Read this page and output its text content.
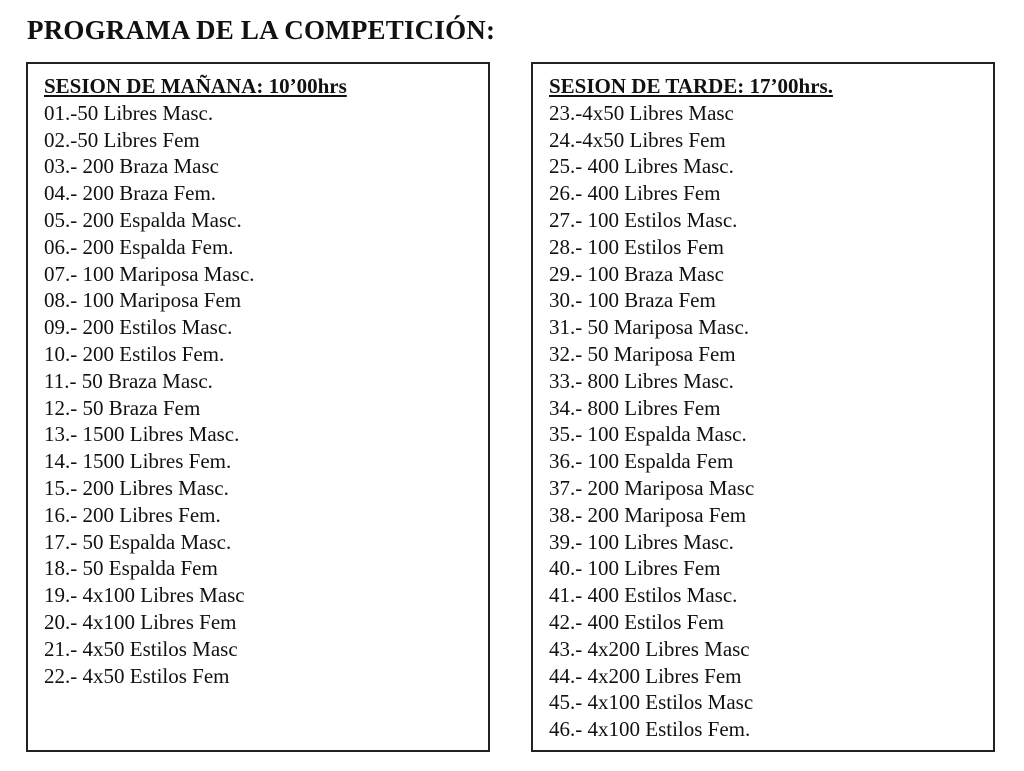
PROGRAMA DE LA COMPETICIÓN:
SESION DE MAÑANA: 10’00hrs
01.-50 Libres Masc.
02.-50 Libres Fem
03.- 200 Braza Masc
04.- 200 Braza Fem.
05.- 200 Espalda Masc.
06.- 200 Espalda Fem.
07.- 100 Mariposa Masc.
08.- 100 Mariposa Fem
09.- 200 Estilos Masc.
10.- 200 Estilos Fem.
11.- 50 Braza Masc.
12.- 50 Braza Fem
13.- 1500 Libres Masc.
14.- 1500 Libres Fem.
15.- 200 Libres Masc.
16.- 200 Libres Fem.
17.- 50 Espalda Masc.
18.- 50 Espalda Fem
19.- 4x100 Libres Masc
20.- 4x100 Libres Fem
21.- 4x50 Estilos Masc
22.- 4x50 Estilos Fem
SESION DE TARDE: 17’00hrs.
23.-4x50 Libres Masc
24.-4x50 Libres Fem
25.- 400 Libres Masc.
26.- 400 Libres Fem
27.- 100 Estilos Masc.
28.- 100 Estilos Fem
29.- 100 Braza Masc
30.- 100 Braza Fem
31.- 50 Mariposa Masc.
32.- 50 Mariposa Fem
33.- 800 Libres Masc.
34.- 800 Libres Fem
35.- 100 Espalda Masc.
36.- 100 Espalda Fem
37.- 200 Mariposa Masc
38.- 200 Mariposa Fem
39.- 100 Libres Masc.
40.- 100 Libres Fem
41.- 400 Estilos Masc.
42.- 400 Estilos Fem
43.- 4x200 Libres Masc
44.- 4x200 Libres Fem
45.- 4x100 Estilos Masc
46.- 4x100 Estilos Fem.
